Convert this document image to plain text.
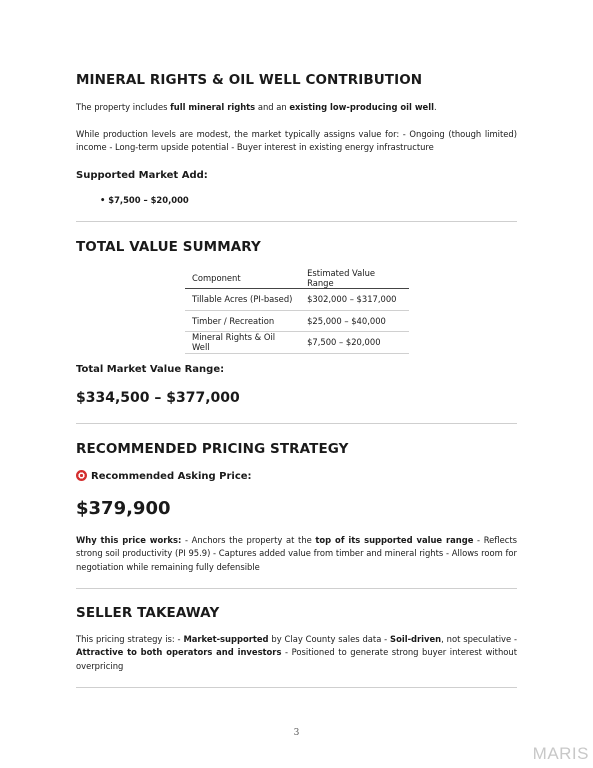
MINERAL RIGHTS & OIL WELL CONTRIBUTION

The property includes full mineral rights and an existing low-producing oil well.

While production levels are modest, the market typically assigns value for: - Ongoing (though limited) income - Long-term upside potential - Buyer interest in existing energy infrastructure

Supported Market Add:
• $7,500 – $20,000
TOTAL VALUE SUMMARY
Component	Estimated Value Range
Tillable Acres (PI-based)	$302,000 – $317,000
Timber / Recreation	$25,000 – $40,000
Mineral Rights & Oil Well	$7,500 – $20,000
Total Market Value Range:
$334,500 – $377,000
RECOMMENDED PRICING STRATEGY
Recommended Asking Price:
$379,900

Why this price works: - Anchors the property at the top of its supported value range - Reflects strong soil productivity (PI 95.9) - Captures added value from timber and mineral rights - Allows room for negotiation while remaining fully defensible

SELLER TAKEAWAY

This pricing strategy is: - Market-supported by Clay County sales data - Soil-driven, not speculative - Attractive to both operators and investors - Positioned to generate strong buyer interest without overpricing

3
MARIS
